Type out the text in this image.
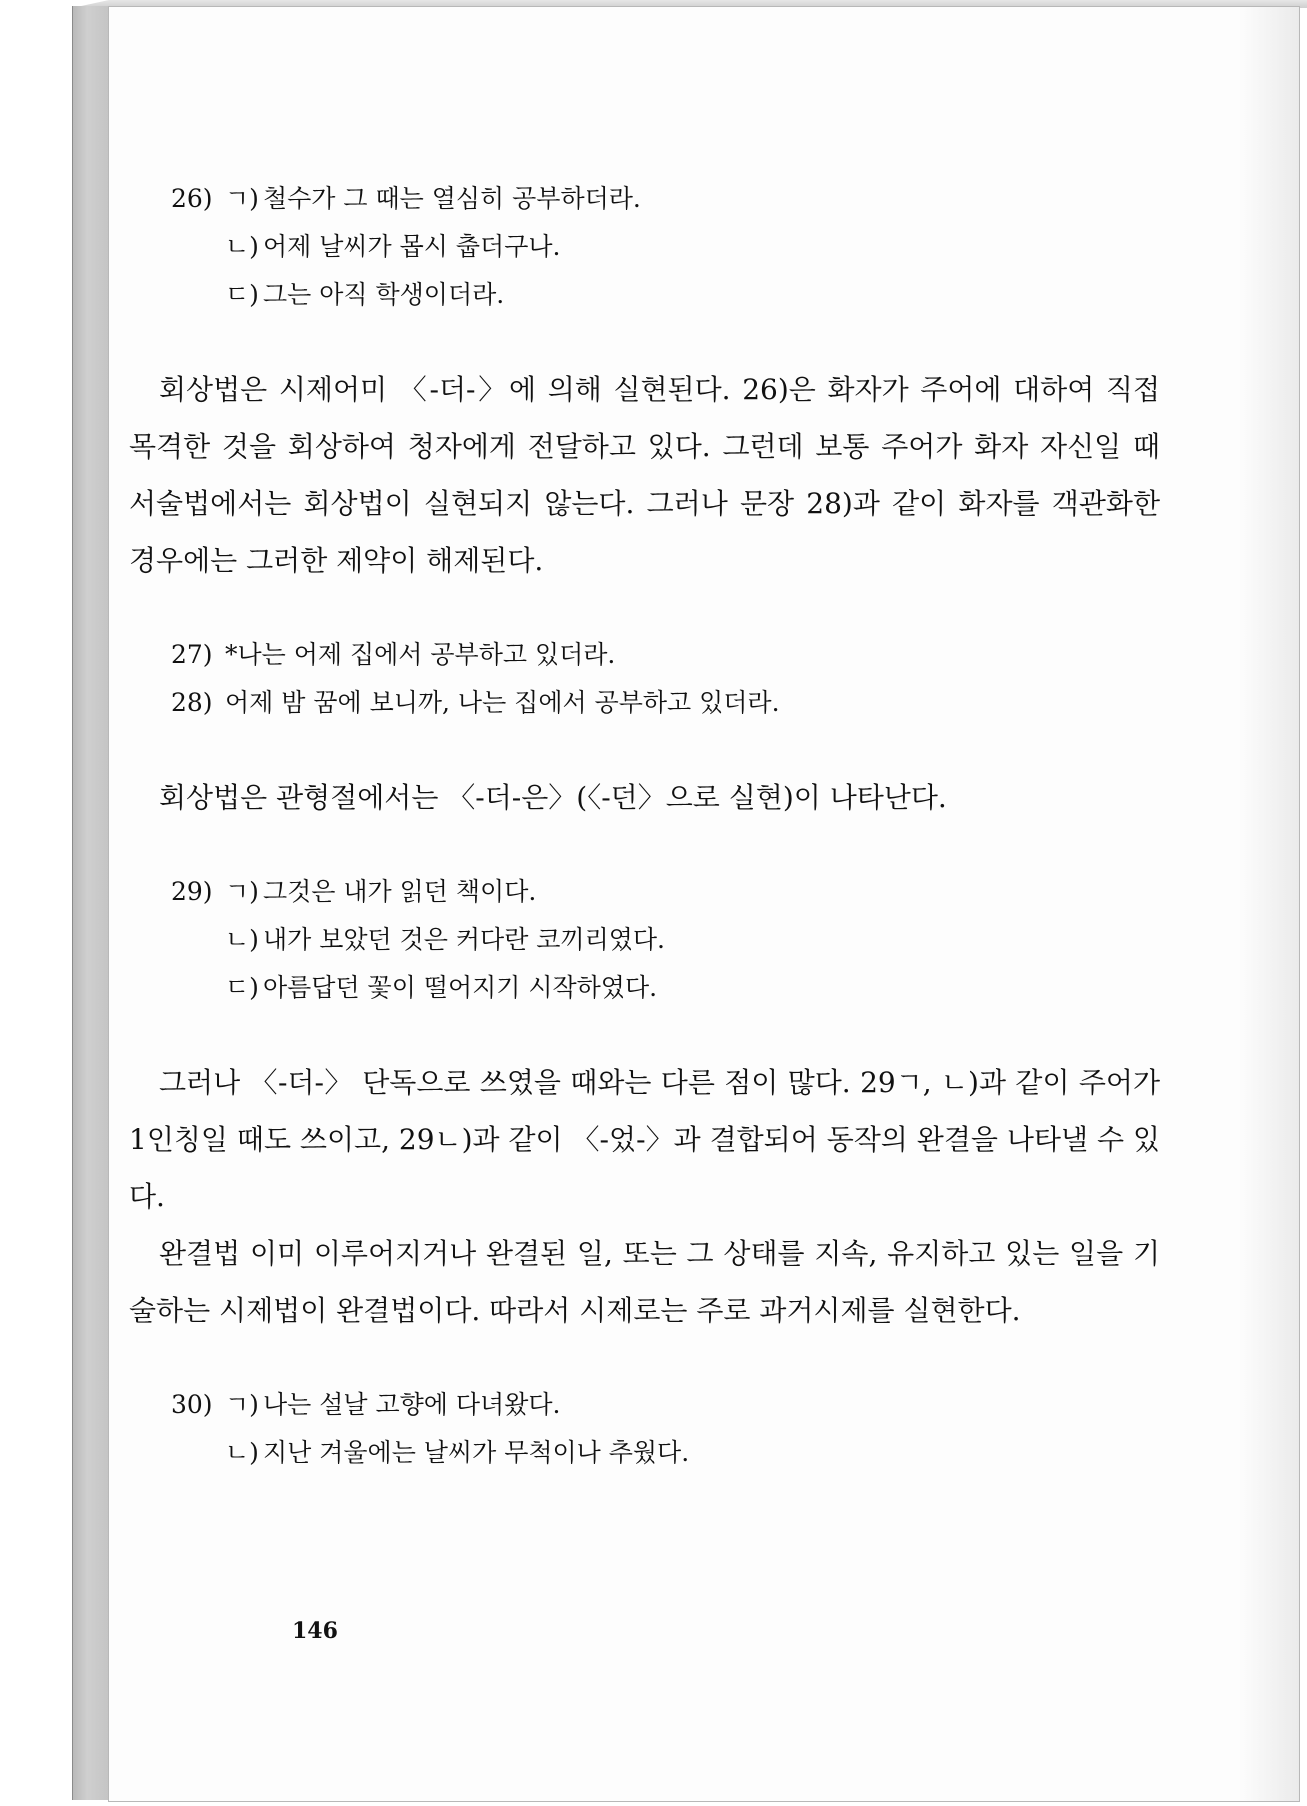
26) ㄱ) 철수가 그 때는 열심히 공부하더라.
ㄴ) 어제 날씨가 몹시 춥더구나.
ㄷ) 그는 아직 학생이더라.

회상법은 시제어미 〈-더-〉에 의해 실현된다. 26)은 화자가 주어에 대하여 직접 목격한 것을 회상하여 청자에게 전달하고 있다. 그런데 보통 주어가 화자 자신일 때 서술법에서는 회상법이 실현되지 않는다. 그러나 문장 28)과 같이 화자를 객관화한 경우에는 그러한 제약이 해제된다.

27) *나는 어제 집에서 공부하고 있더라.
28) 어제 밤 꿈에 보니까, 나는 집에서 공부하고 있더라.

회상법은 관형절에서는 〈-더-은〉(〈-던〉으로 실현)이 나타난다.

29) ㄱ) 그것은 내가 읽던 책이다.
ㄴ) 내가 보았던 것은 커다란 코끼리였다.
ㄷ) 아름답던 꽃이 떨어지기 시작하였다.

그러나 〈-더-〉 단독으로 쓰였을 때와는 다른 점이 많다. 29ㄱ, ㄴ)과 같이 주어가 1인칭일 때도 쓰이고, 29ㄴ)과 같이 〈-었-〉과 결합되어 동작의 완결을 나타낼 수 있다.

완결법 이미 이루어지거나 완결된 일, 또는 그 상태를 지속, 유지하고 있는 일을 기술하는 시제법이 완결법이다. 따라서 시제로는 주로 과거시제를 실현한다.

30) ㄱ) 나는 설날 고향에 다녀왔다.
ㄴ) 지난 겨울에는 날씨가 무척이나 추웠다.
146
